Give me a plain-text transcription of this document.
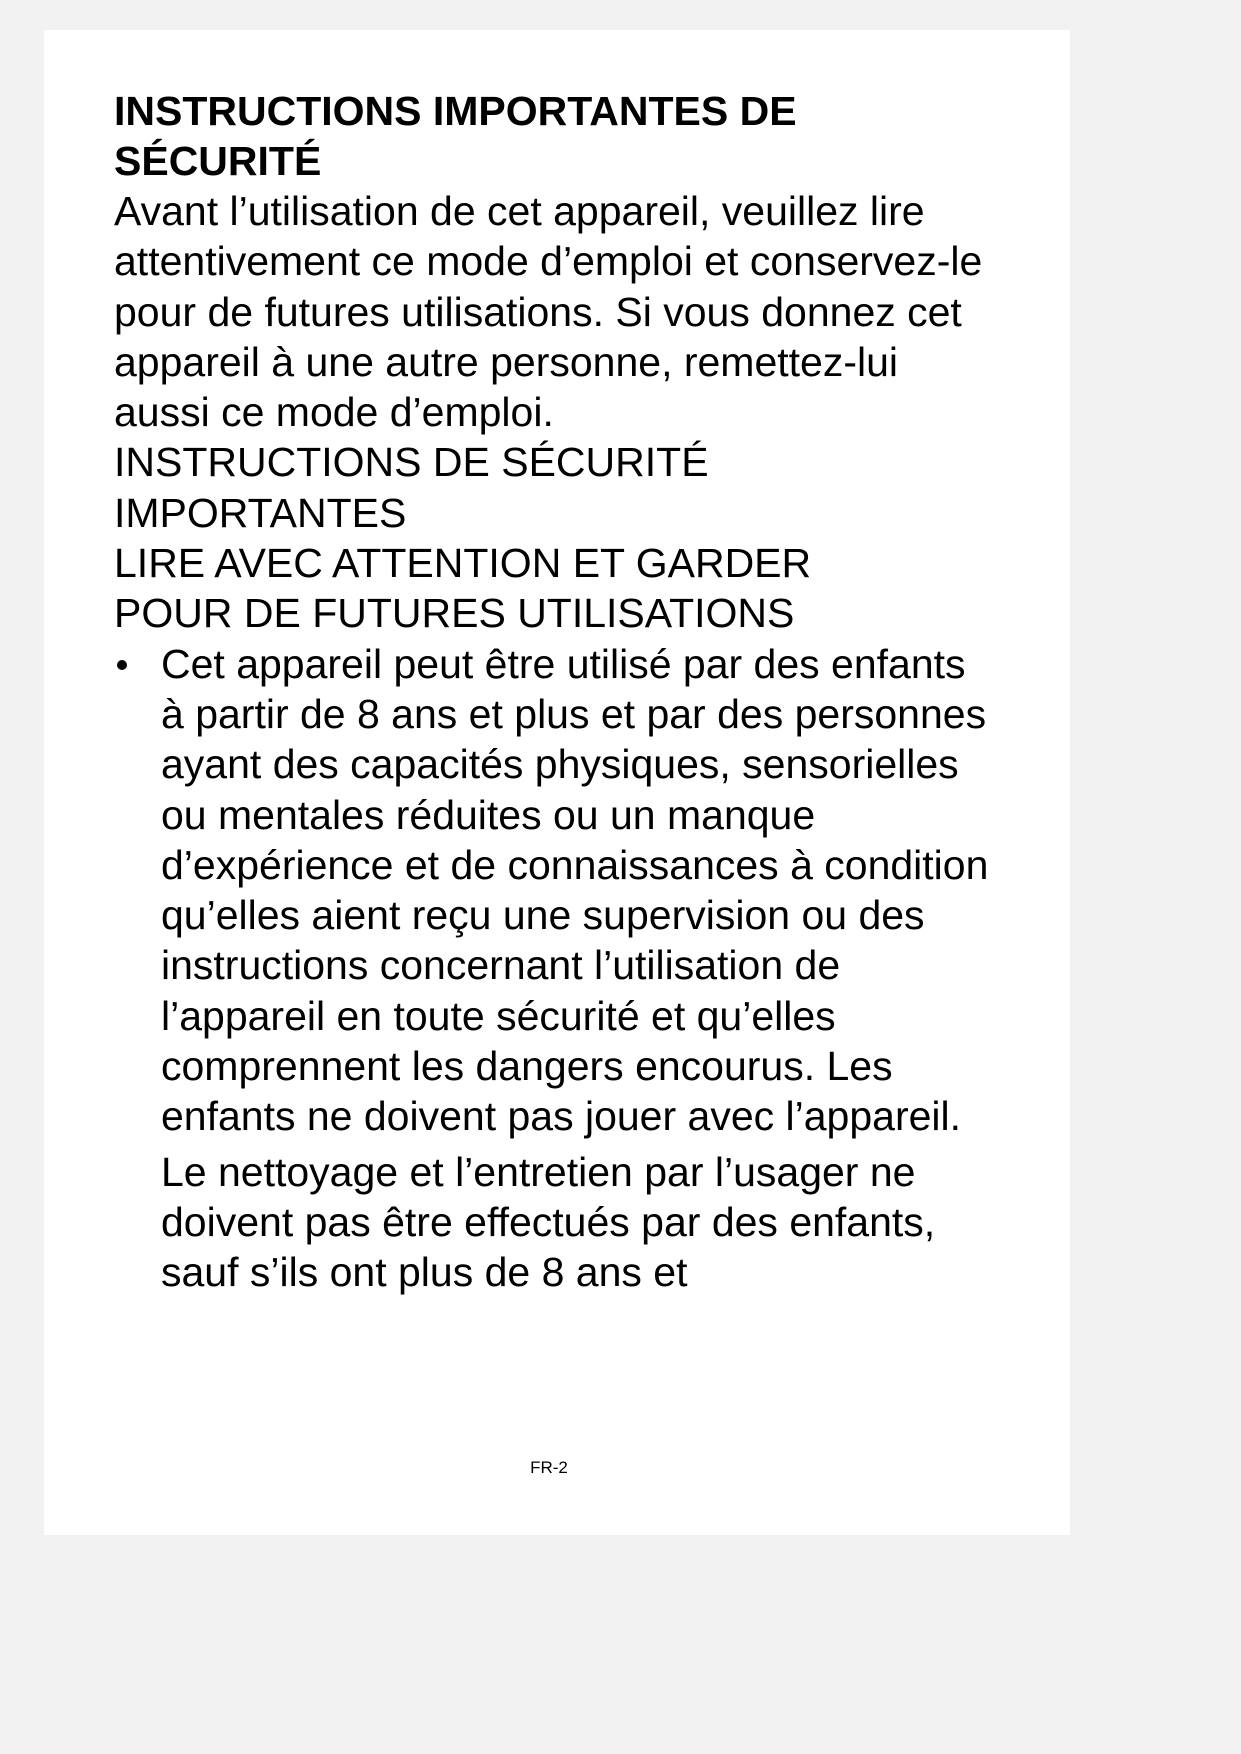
INSTRUCTIONS IMPORTANTES DE SÉCURITÉ

Avant l’utilisation de cet appareil, veuillez lire attentivement ce mode d’emploi et conservez-le pour de futures utilisations. Si vous donnez cet appareil à une autre personne, remettez-lui aussi ce mode d’emploi.

INSTRUCTIONS DE SÉCURITÉ

IMPORTANTES

LIRE AVEC ATTENTION ET GARDER

POUR DE FUTURES UTILISATIONS

Cet appareil peut être utilisé par des enfants à partir de 8 ans et plus et par des personnes ayant des capacités physiques, sensorielles ou mentales réduites ou un manque d’expérience et de connaissances à condition qu’elles aient reçu une supervision ou des instructions concernant l’utilisation de l’appareil en toute sécurité et qu’elles comprennent les dangers encourus. Les enfants ne doivent pas jouer avec l’appareil.

Le nettoyage et l’entretien par l’usager ne doivent pas être effectués par des enfants, sauf s’ils ont plus de 8 ans et

FR-2
